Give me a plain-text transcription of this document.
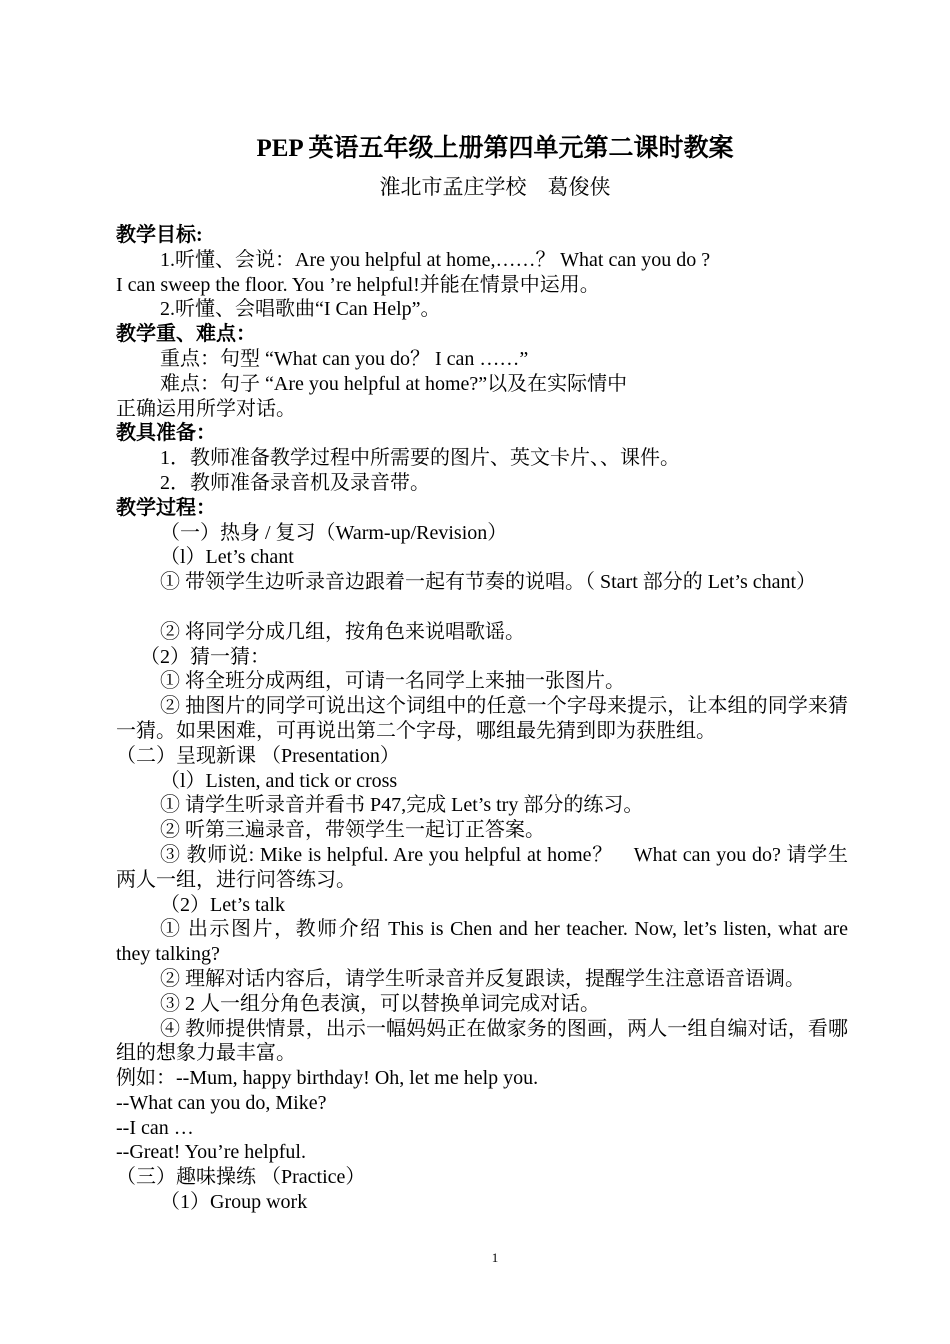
PEP 英语五年级上册第四单元第二课时教案
淮北市孟庄学校　葛俊侠
教学目标:
1.听懂、会说：Are you helpful at home,……？ What can you do ?
I can sweep the floor. You ’re helpful!并能在情景中运用。
2.听懂、会唱歌曲“I Can Help”。
教学重、难点：
重点：句型 “What can you do？ I can ……”
难点：句子 “Are you helpful at home?”以及在实际情中
正确运用所学对话。
教具准备：
1．教师准备教学过程中所需要的图片、英文卡片、、课件。
2．教师准备录音机及录音带。
教学过程：
（一）热身 / 复习（Warm-up/Revision）
（l）Let’s chant
① 带领学生边听录音边跟着一起有节奏的说唱。（ Start 部分的 Let’s chant）
② 将同学分成几组，按角色来说唱歌谣。
（2）猜一猜：
① 将全班分成两组，可请一名同学上来抽一张图片。
② 抽图片的同学可说出这个词组中的任意一个字母来提示，让本组的同学来猜一猜。如果困难，可再说出第二个字母，哪组最先猜到即为获胜组。
（二）呈现新课 （Presentation）
（l）Listen, and tick or cross
① 请学生听录音并看书 P47,完成 Let’s try 部分的练习。
② 听第三遍录音，带领学生一起订正答案。
③ 教师说: Mike is helpful. Are you helpful at home？　What can you do? 请学生两人一组，进行问答练习。
（2）Let’s talk
① 出示图片，教师介绍 This is Chen and her teacher. Now, let’s listen, what are they talking?
② 理解对话内容后，请学生听录音并反复跟读，提醒学生注意语音语调。
③ 2 人一组分角色表演，可以替换单词完成对话。
④ 教师提供情景，出示一幅妈妈正在做家务的图画，两人一组自编对话，看哪组的想象力最丰富。
例如：--Mum, happy birthday! Oh, let me help you.
--What can you do, Mike?
--I can …
--Great! You’re helpful.
（三）趣味操练 （Practice）
（1）Group work
1
